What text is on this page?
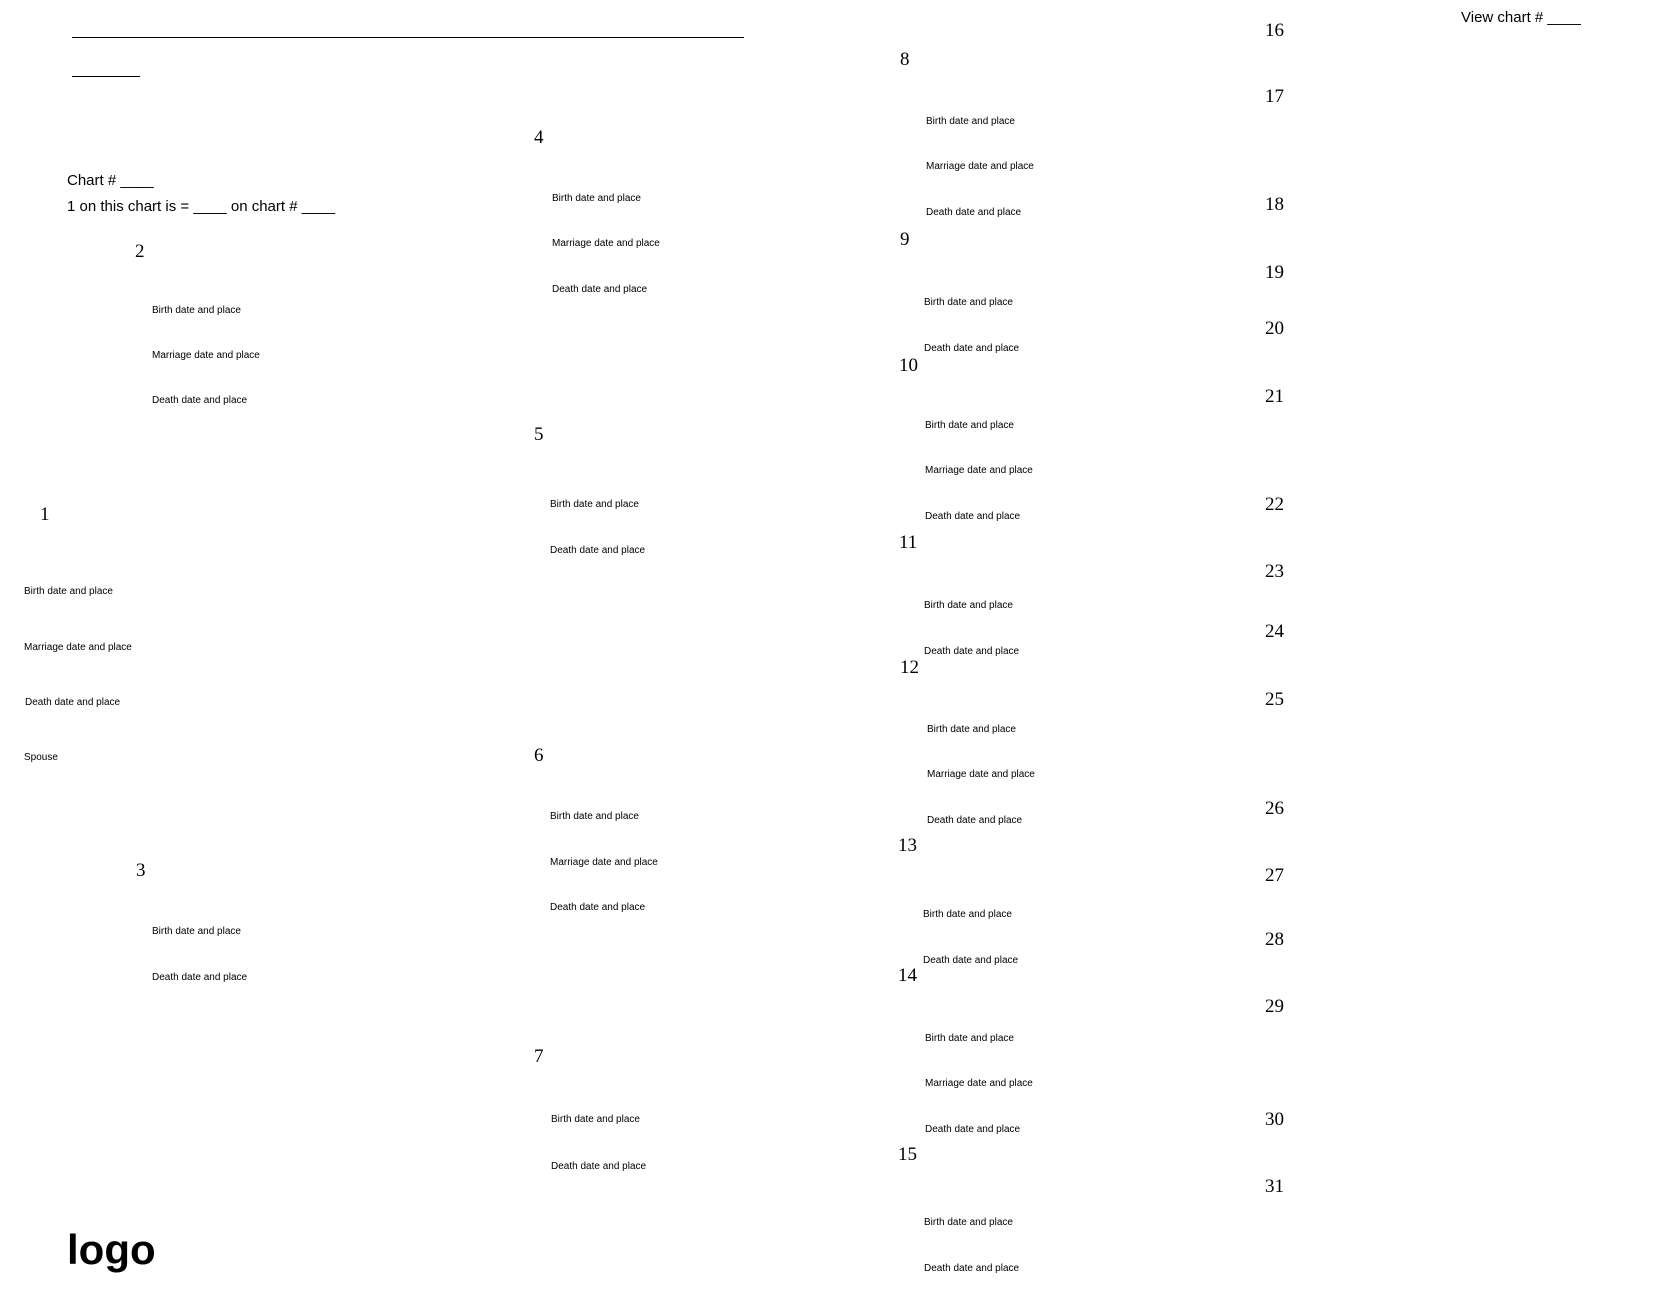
View chart # ____
Chart # ____
1 on this chart is = ____ on chart # ____
1
Birth date and place
Marriage date and place
Death date and place
Spouse
2
Birth date and place
Marriage date and place
Death date and place
3
Birth date and place
Death date and place
4
Birth date and place
Marriage date and place
Death date and place
5
Birth date and place
Death date and place
6
Birth date and place
Marriage date and place
Death date and place
7
Birth date and place
Death date and place
8
Birth date and place
Marriage date and place
Death date and place
9
Birth date and place
Death date and place
10
Birth date and place
Marriage date and place
Death date and place
11
Birth date and place
Death date and place
12
Birth date and place
Marriage date and place
Death date and place
13
Birth date and place
Death date and place
14
Birth date and place
Marriage date and place
Death date and place
15
Birth date and place
Death date and place
16
17
18
19
20
21
22
23
24
25
26
27
28
29
30
31
logo
